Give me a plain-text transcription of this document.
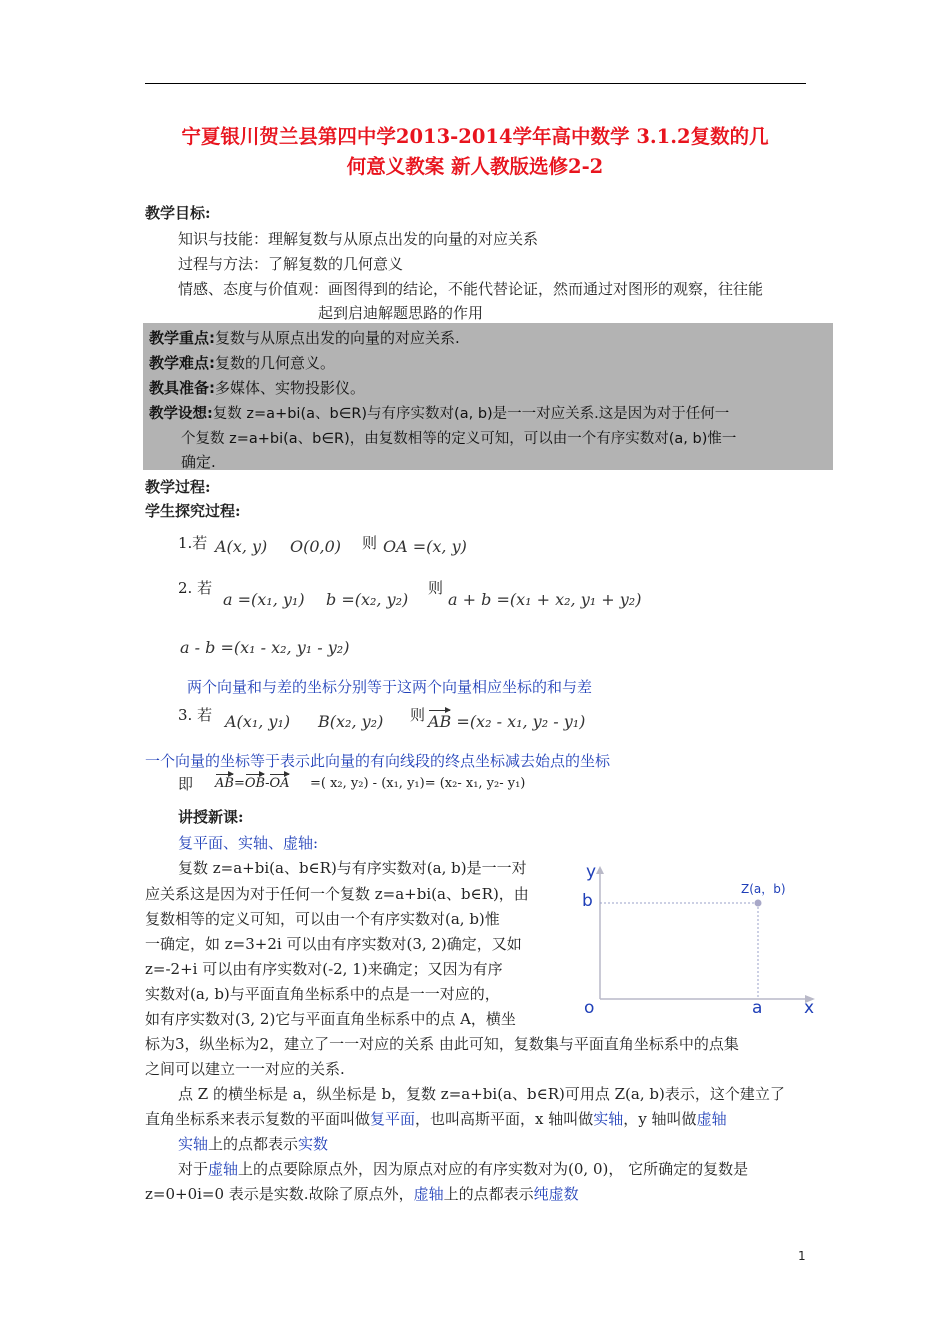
宁夏银川贺兰县第四中学2013-2014学年高中数学 3.1.2复数的几
何意义教案 新人教版选修2-2
教学目标:
知识与技能：理解复数与从原点出发的向量的对应关系
过程与方法：了解复数的几何意义
情感、态度与价值观：画图得到的结论，不能代替论证，然而通过对图形的观察，往往能
起到启迪解题思路的作用
教学重点:复数与从原点出发的向量的对应关系.
教学难点:复数的几何意义。
教具准备:多媒体、实物投影仪。
教学设想:复数 z=a+bi(a、b∈R)与有序实数对(a, b)是一一对应关系.这是因为对于任何一
个复数 z=a+bi(a、b∈R)，由复数相等的定义可知，可以由一个有序实数对(a, b)惟一
确定.
教学过程:
学生探究过程:
1.若 A(x, y) O(0,0) 则 OA =(x, y)
2. 若
a =(x₁, y₁) b =(x₂, y₂)
则
a + b =(x₁ + x₂, y₁ + y₂)
a - b =(x₁ - x₂, y₁ - y₂)
两个向量和与差的坐标分别等于这两个向量相应坐标的和与差
3. 若 A(x₁, y₁) B(x₂, y₂) 则 AB =(x₂ - x₁, y₂ - y₁)
一个向量的坐标等于表示此向量的有向线段的终点坐标减去始点的坐标
即 AB=OB-OA =( x₂, y₂) - (x₁, y₁)= (x₂- x₁, y₂- y₁)
讲授新课:
复平面、实轴、虚轴:
复数 z=a+bi(a、b∈R)与有序实数对(a, b)是一一对
应关系这是因为对于任何一个复数 z=a+bi(a、b∈R)，由
复数相等的定义可知，可以由一个有序实数对(a, b)惟
一确定，如 z=3+2i 可以由有序实数对(3, 2)确定，又如
z=-2+i 可以由有序实数对(-2, 1)来确定；又因为有序
实数对(a, b)与平面直角坐标系中的点是一一对应的，
如有序实数对(3, 2)它与平面直角坐标系中的点 A，横坐
标为3，纵坐标为2，建立了一一对应的关系 由此可知，复数集与平面直角坐标系中的点集
之间可以建立一一对应的关系.
y
b
Z(a，b)
o	a x
点 Z 的横坐标是 a，纵坐标是 b，复数 z=a+bi(a、b∈R)可用点 Z(a, b)表示，这个建立了
直角坐标系来表示复数的平面叫做复平面，也叫高斯平面，x 轴叫做实轴，y 轴叫做虚轴
实轴上的点都表示实数
对于虚轴上的点要除原点外，因为原点对应的有序实数对为(0, 0)， 它所确定的复数是
z=0+0i=0 表示是实数.故除了原点外，虚轴上的点都表示纯虚数
1
